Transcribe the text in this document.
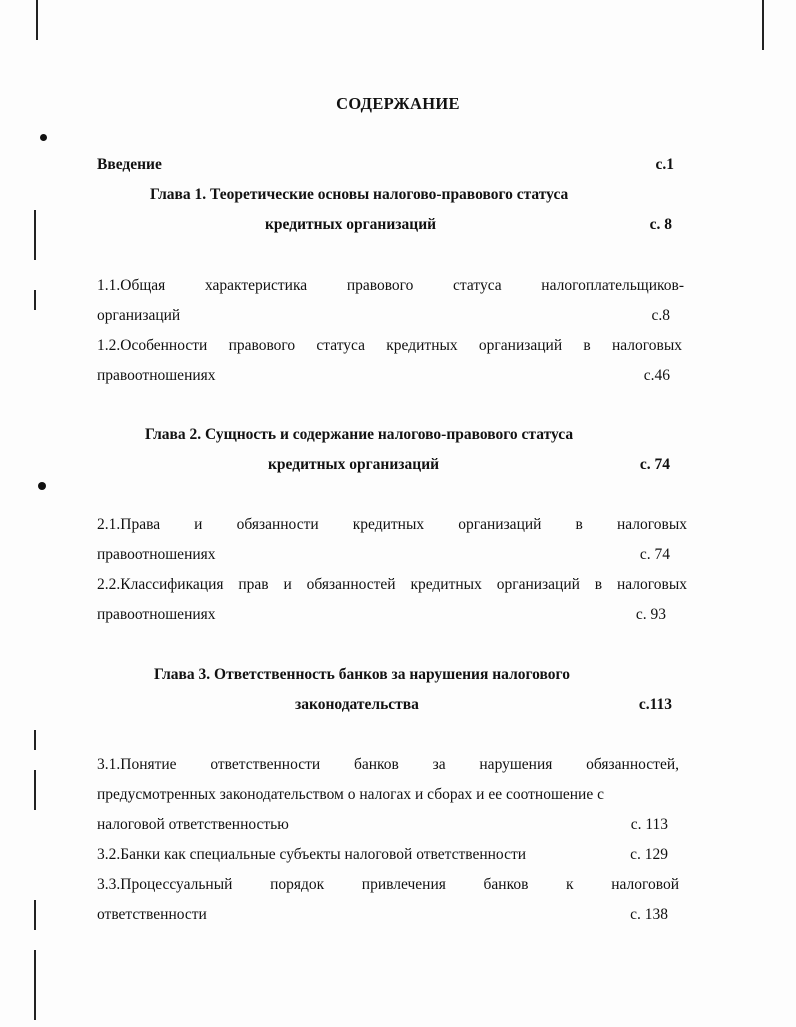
СОДЕРЖАНИЕ
Введение	с.1
Глава 1. Теоретические основы налогово-правового статуса
кредитных организаций	с. 8
1.1.Общая характеристика правового статуса налогоплательщиков-
организаций	с.8
1.2.Особенности правового статуса кредитных организаций в налоговых
правоотношениях	с.46
Глава 2. Сущность и содержание налогово-правового статуса
кредитных организаций	с. 74
2.1.Права и обязанности кредитных организаций в налоговых
правоотношениях	с. 74
2.2.Классификация прав и обязанностей кредитных организаций в налоговых
правоотношениях	с. 93
Глава 3. Ответственность банков за нарушения налогового
законодательства	с.113
3.1.Понятие ответственности банков за нарушения обязанностей,
предусмотренных законодательством о налогах и сборах и ее соотношение с
налоговой ответственностью	с. 113
3.2.Банки как специальные субъекты налоговой ответственности	с. 129
3.3.Процессуальный порядок привлечения банков к налоговой
ответственности	с. 138
